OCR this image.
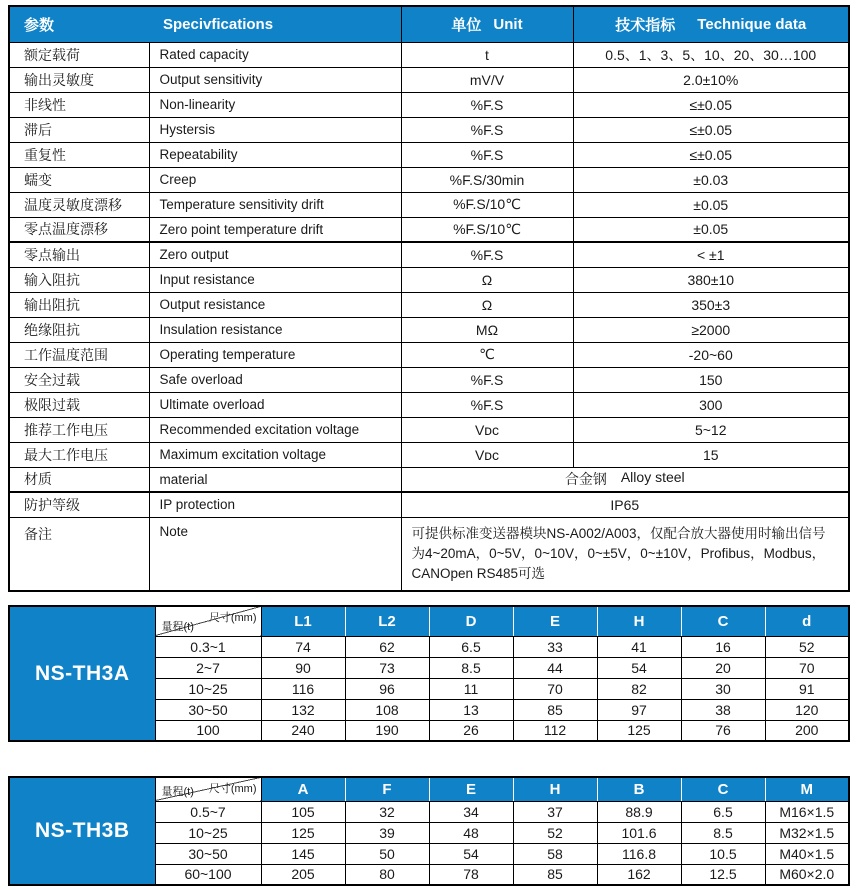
参数	Specivfications	单位 Unit	技术指标 Technique data

额定载荷	Rated capacity	t	0.5、1、3、5、10、20、30…100
输出灵敏度	Output sensitivity	mV/V	2.0±10%
非线性	Non-linearity	%F.S	≤±0.05
滞后	Hystersis	%F.S	≤±0.05
重复性	Repeatability	%F.S	≤±0.05
蠕变	Creep	%F.S/30min	±0.03
温度灵敏度漂移	Temperature sensitivity drift	%F.S/10℃	±0.05
零点温度漂移	Zero point temperature drift	%F.S/10℃	±0.05
零点输出	Zero output	%F.S	< ±1
输入阻抗	Input resistance	Ω	380±10
输出阻抗	Output resistance	Ω	350±3
绝缘阻抗	Insulation resistance	MΩ	≥2000
工作温度范围	Operating temperature	℃	-20~60
安全过载	Safe overload	%F.S	150
极限过载	Ultimate overload	%F.S	300
推荐工作电压	Recommended excitation voltage	Vᴅᴄ	5~12
最大工作电压	Maximum excitation voltage	Vᴅᴄ	15
材质	material	合金钢 Alloy steel	

防护等级	IP protection	IP65	
备注	Note	可提供标准变送器模块NS-A002/A003，仅配合放大器使用时输出信号为4~20mA，0~5V，0~10V，0~±5V，0~±10V，Profibus，Modbus，CANOpen RS485可选	
NS-TH3A	尺寸(mm)
量程(t)	L1	L2	D	E	H	C	d
	0.3~1	74	62	6.5	33	41	16	52
	2~7	90	73	8.5	44	54	20	70
	10~25	116	96	11	70	82	30	91
	30~50	132	108	13	85	97	38	120
	100	240	190	26	112	125	76	200
NS-TH3B	尺寸(mm)
量程(t)	A	F	E	H	B	C	M
	0.5~7	105	32	34	37	88.9	6.5	M16×1.5
	10~25	125	39	48	52	101.6	8.5	M32×1.5
	30~50	145	50	54	58	116.8	10.5	M40×1.5
	60~100	205	80	78	85	162	12.5	M60×2.0
